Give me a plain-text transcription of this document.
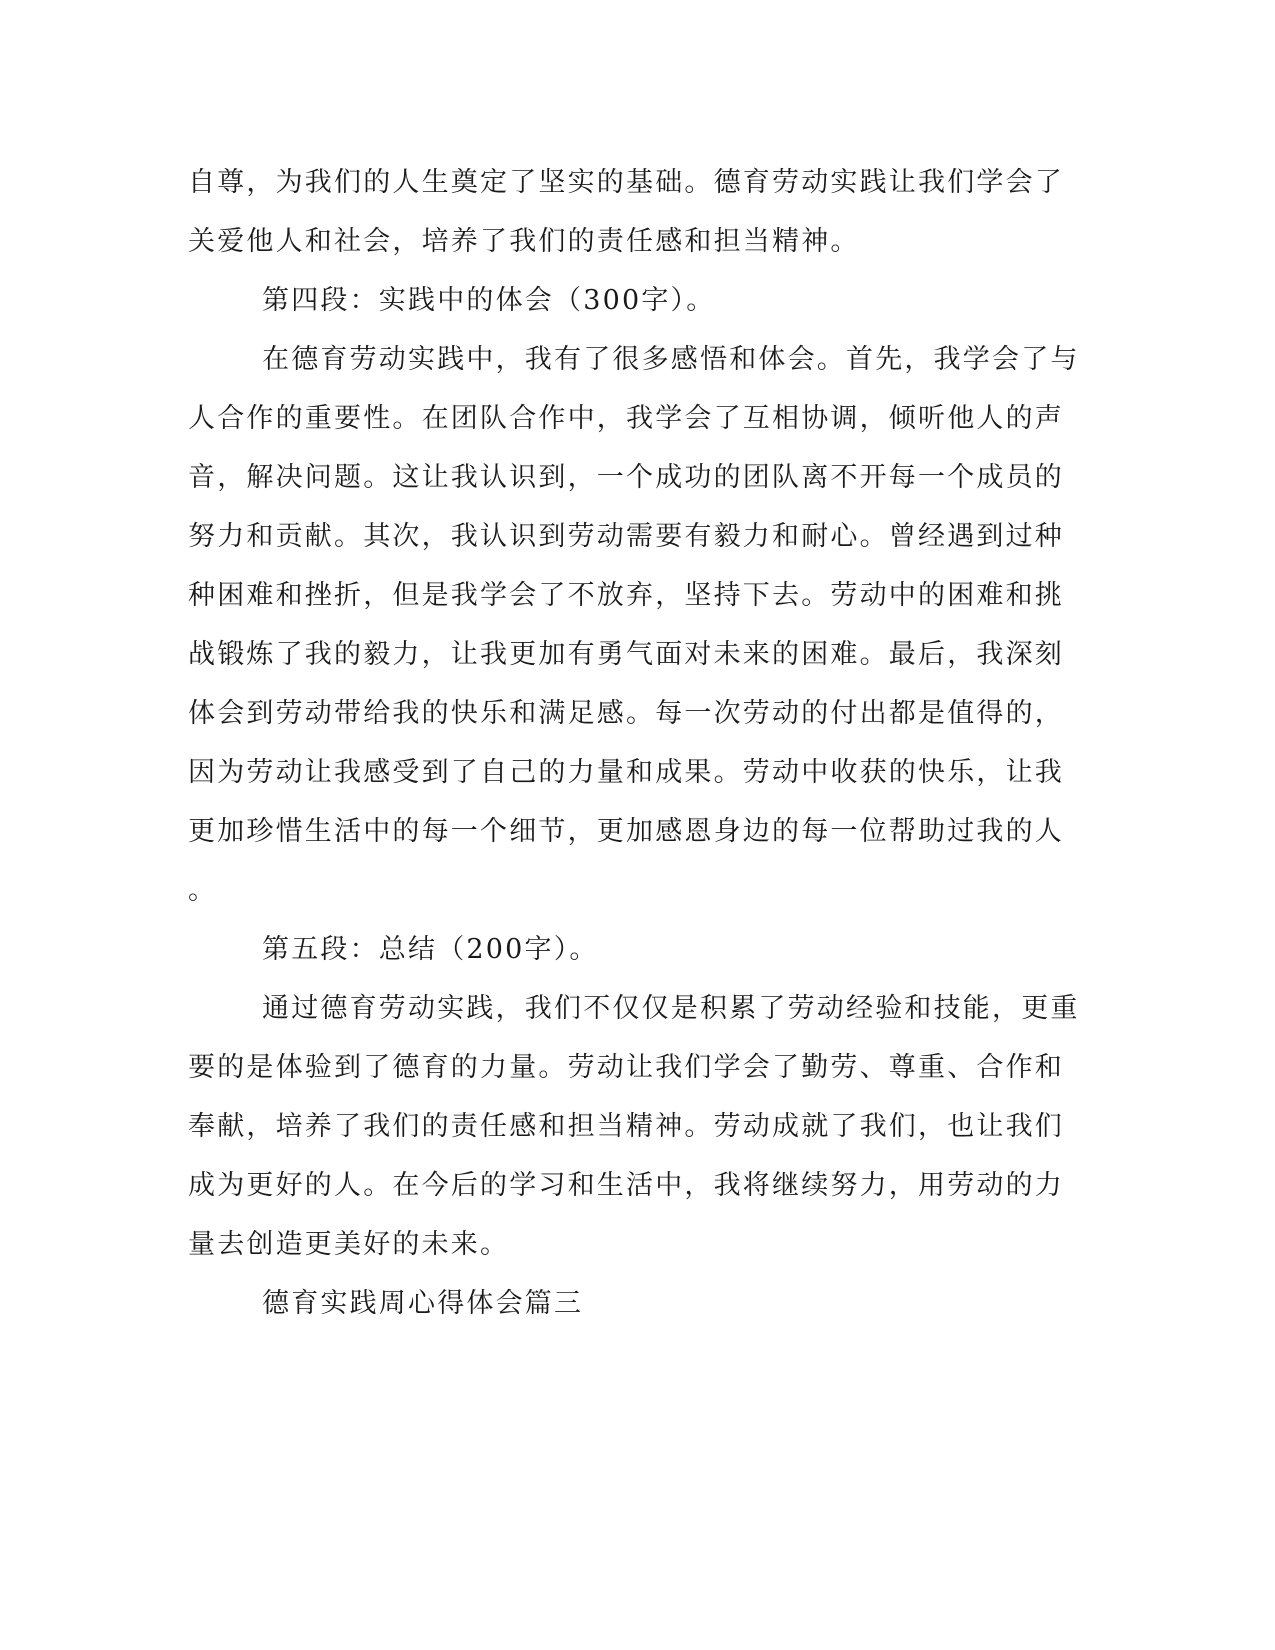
自尊，为我们的人生奠定了坚实的基础。德育劳动实践让我们学会了
关爱他人和社会，培养了我们的责任感和担当精神。
第四段：实践中的体会（300字）。
在德育劳动实践中，我有了很多感悟和体会。首先，我学会了与
人合作的重要性。在团队合作中，我学会了互相协调，倾听他人的声
音，解决问题。这让我认识到，一个成功的团队离不开每一个成员的
努力和贡献。其次，我认识到劳动需要有毅力和耐心。曾经遇到过种
种困难和挫折，但是我学会了不放弃，坚持下去。劳动中的困难和挑
战锻炼了我的毅力，让我更加有勇气面对未来的困难。最后，我深刻
体会到劳动带给我的快乐和满足感。每一次劳动的付出都是值得的，
因为劳动让我感受到了自己的力量和成果。劳动中收获的快乐，让我
更加珍惜生活中的每一个细节，更加感恩身边的每一位帮助过我的人
。
第五段：总结（200字）。
通过德育劳动实践，我们不仅仅是积累了劳动经验和技能，更重
要的是体验到了德育的力量。劳动让我们学会了勤劳、尊重、合作和
奉献，培养了我们的责任感和担当精神。劳动成就了我们，也让我们
成为更好的人。在今后的学习和生活中，我将继续努力，用劳动的力
量去创造更美好的未来。
德育实践周心得体会篇三
